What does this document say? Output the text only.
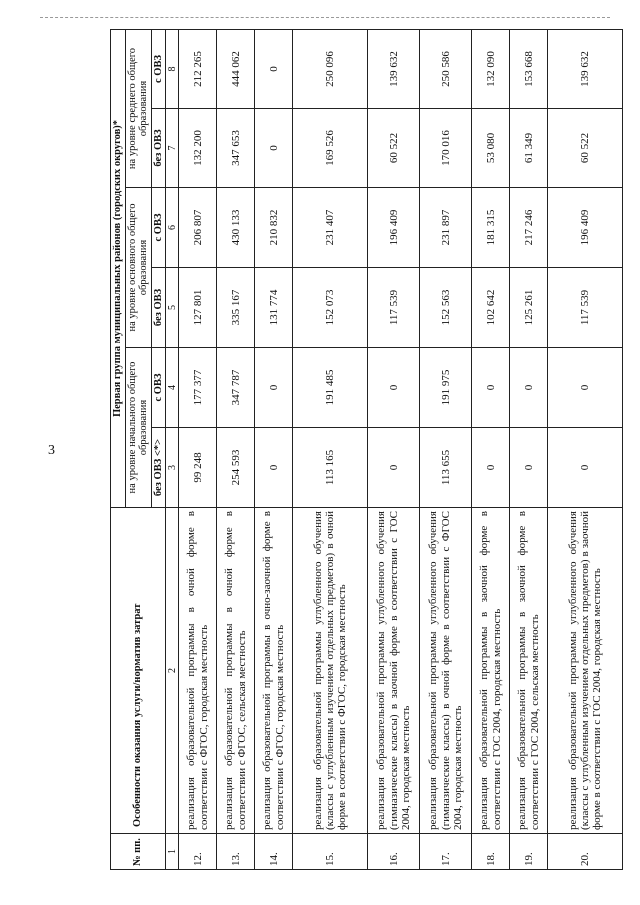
3
№ пп.	Особенности оказания услуги/норматив затрат	Первая группа муниципальных районов (городских округов)*					
		на уровне начального общего образования		на уровне основного общего образования		на уровне среднего общего образования	
		без ОВЗ <*>	с ОВЗ	без ОВЗ	с ОВЗ	без ОВЗ	с ОВЗ
1	2	3	4	5	6	7	8
12.	реализация образовательной программы в очной форме в соответствии с ФГОС, городская местность	99 248	177 377	127 801	206 807	132 200	212 265
13.	реализация образовательной программы в очной форме в соответствии с ФГОС, сельская местность	254 593	347 787	335 167	430 133	347 653	444 062
14.	реализация образовательной программы в очно-заочной форме в соответствии с ФГОС, городская местность	0	0	131 774	210 832	0	0
15.	реализация образовательной программы углубленного обучения (классы с углубленным изучением отдельных предметов) в очной форме в соответствии с ФГОС, городская местность	113 165	191 485	152 073	231 407	169 526	250 096
16.	реализация образовательной программы углубленного обучения (гимназические классы) в заочной форме в соответствии с ГОС 2004, городская местность	0	0	117 539	196 409	60 522	139 632
17.	реализация образовательной программы углубленного обучения (гимназические классы) в очной форме в соответствии с ФГОС 2004, городская местность	113 655	191 975	152 563	231 897	170 016	250 586
18.	реализация образовательной программы в заочной форме в соответствии с ГОС 2004, городская местность	0	0	102 642	181 315	53 080	132 090
19.	реализация образовательной программы в заочной форме в соответствии с ГОС 2004, сельская местность	0	0	125 261	217 246	61 349	153 668
20.	реализация образовательной программы углубленного обучения (классы с углубленным изучением отдельных предметов) в заочной форме в соответствии с ГОС 2004, городская местность	0	0	117 539	196 409	60 522	139 632
